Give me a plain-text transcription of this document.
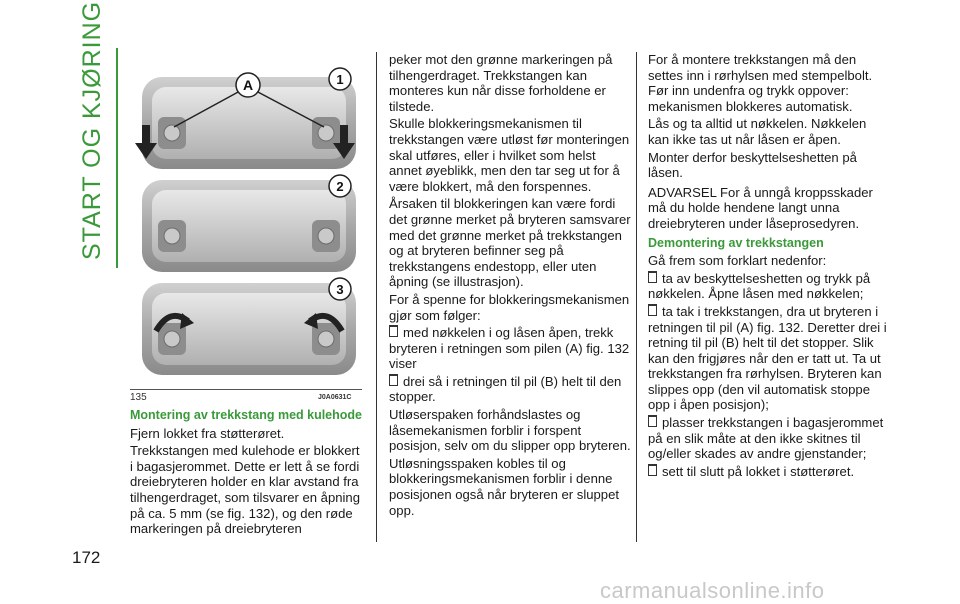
START OG KJØRING	A	1
2
3
135	J0A0631C
Montering av trekkstang med kulehode

Fjern lokket fra støtterøret.

Trekkstangen med kulehode er blokkert i bagasjerommet. Dette er lett å se fordi dreiebryteren holder en klar avstand fra tilhengerdraget, som tilsvarer en åpning på ca. 5 mm (se fig. 132), og den røde markeringen på dreiebryteren

peker mot den grønne markeringen på tilhengerdraget. Trekkstangen kan monteres kun når disse forholdene er tilstede.

Skulle blokkeringsmekanismen til trekkstangen være utløst før monteringen skal utføres, eller i hvilket som helst annet øyeblikk, men den tar seg ut for å være blokkert, må den forspennes.

Årsaken til blokkeringen kan være fordi det grønne merket på bryteren samsvarer med det grønne merket på trekkstangen og at bryteren befinner seg på trekkstangens endestopp, eller uten åpning (se illustrasjon).

For å spenne for blokkeringsmekanismen gjør som følger:

med nøkkelen i og låsen åpen, trekk bryteren i retningen som pilen (A) fig. 132 viser

drei så i retningen til pil (B) helt til den stopper.

Utløserspaken forhåndslastes og låsemekanismen forblir i forspent posisjon, selv om du slipper opp bryteren.

Utløsningsspaken kobles til og blokkeringsmekanismen forblir i denne posisjonen også når bryteren er sluppet opp.

For å montere trekkstangen må den settes inn i rørhylsen med stempelbolt. Før inn undenfra og trykk oppover: mekanismen blokkeres automatisk.

Lås og ta alltid ut nøkkelen. Nøkkelen kan ikke tas ut når låsen er åpen.

Monter derfor beskyttelseshetten på låsen.

ADVARSEL For å unngå kroppsskader må du holde hendene langt unna dreiebryteren under låseprosedyren.

Demontering av trekkstangen

Gå frem som forklart nedenfor:

ta av beskyttelseshetten og trykk på nøkkelen. Åpne låsen med nøkkelen;

ta tak i trekkstangen, dra ut bryteren i retningen til pil (A) fig. 132. Deretter drei i retning til pil (B) helt til det stopper. Slik kan den frigjøres når den er tatt ut. Ta ut trekkstangen fra rørhylsen. Bryteren kan slippes opp (den vil automatisk stoppe opp i åpen posisjon);

plasser trekkstangen i bagasjerommet på en slik måte at den ikke skitnes til og/eller skades av andre gjenstander;

sett til slutt på lokket i støtterøret.

172
carmanualsonline.info
